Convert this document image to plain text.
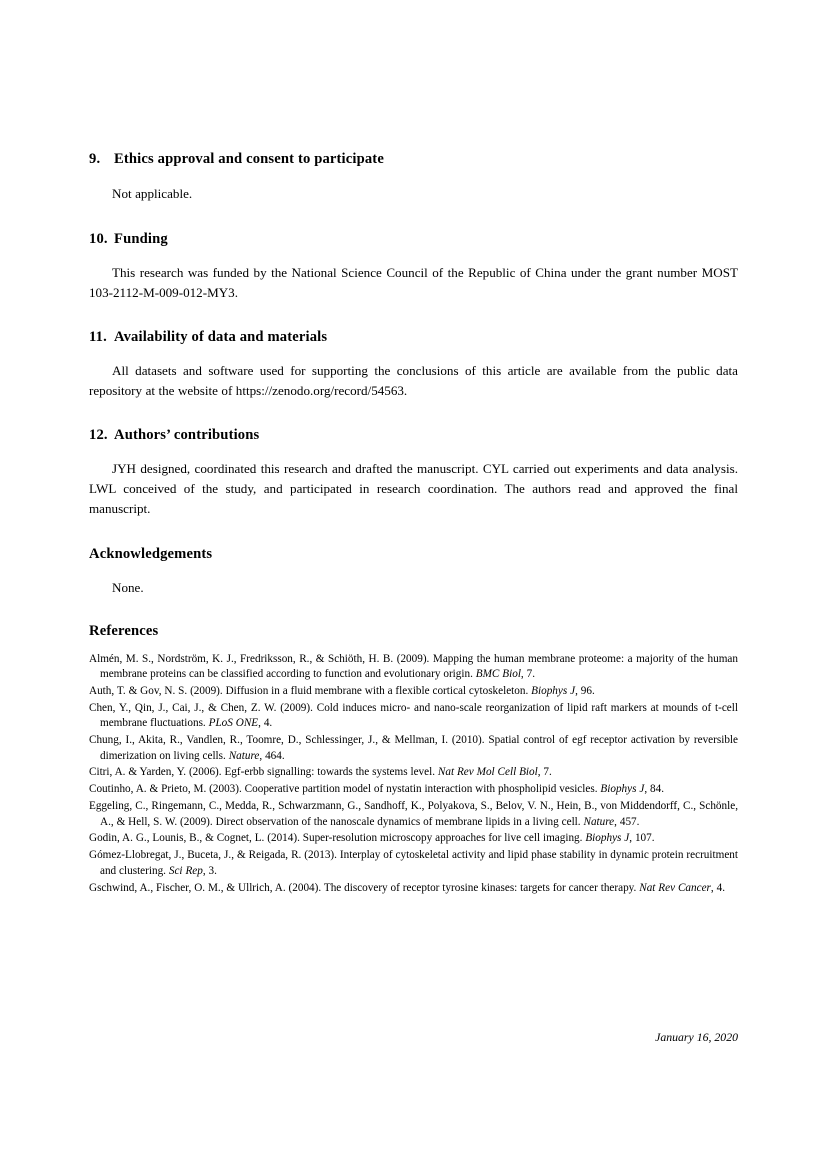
9. Ethics approval and consent to participate

Not applicable.

10. Funding

This research was funded by the National Science Council of the Republic of China under the grant number MOST 103-2112-M-009-012-MY3.

11. Availability of data and materials

All datasets and software used for supporting the conclusions of this article are available from the public data repository at the website of https://zenodo.org/record/54563.

12. Authors’ contributions

JYH designed, coordinated this research and drafted the manuscript. CYL carried out experiments and data analysis. LWL conceived of the study, and participated in research coordination. The authors read and approved the final manuscript.

Acknowledgements

None.

References
Almén, M. S., Nordström, K. J., Fredriksson, R., & Schiöth, H. B. (2009). Mapping the human membrane proteome: a majority of the human membrane proteins can be classified according to function and evolutionary origin. BMC Biol, 7.
Auth, T. & Gov, N. S. (2009). Diffusion in a fluid membrane with a flexible cortical cytoskeleton. Biophys J, 96.
Chen, Y., Qin, J., Cai, J., & Chen, Z. W. (2009). Cold induces micro- and nano-scale reorganization of lipid raft markers at mounds of t-cell membrane fluctuations. PLoS ONE, 4.
Chung, I., Akita, R., Vandlen, R., Toomre, D., Schlessinger, J., & Mellman, I. (2010). Spatial control of egf receptor activation by reversible dimerization on living cells. Nature, 464.
Citri, A. & Yarden, Y. (2006). Egf-erbb signalling: towards the systems level. Nat Rev Mol Cell Biol, 7.
Coutinho, A. & Prieto, M. (2003). Cooperative partition model of nystatin interaction with phospholipid vesicles. Biophys J, 84.
Eggeling, C., Ringemann, C., Medda, R., Schwarzmann, G., Sandhoff, K., Polyakova, S., Belov, V. N., Hein, B., von Middendorff, C., Schönle, A., & Hell, S. W. (2009). Direct observation of the nanoscale dynamics of membrane lipids in a living cell. Nature, 457.
Godin, A. G., Lounis, B., & Cognet, L. (2014). Super-resolution microscopy approaches for live cell imaging. Biophys J, 107.
Gómez-Llobregat, J., Buceta, J., & Reigada, R. (2013). Interplay of cytoskeletal activity and lipid phase stability in dynamic protein recruitment and clustering. Sci Rep, 3.
Gschwind, A., Fischer, O. M., & Ullrich, A. (2004). The discovery of receptor tyrosine kinases: targets for cancer therapy. Nat Rev Cancer, 4.
January 16, 2020
